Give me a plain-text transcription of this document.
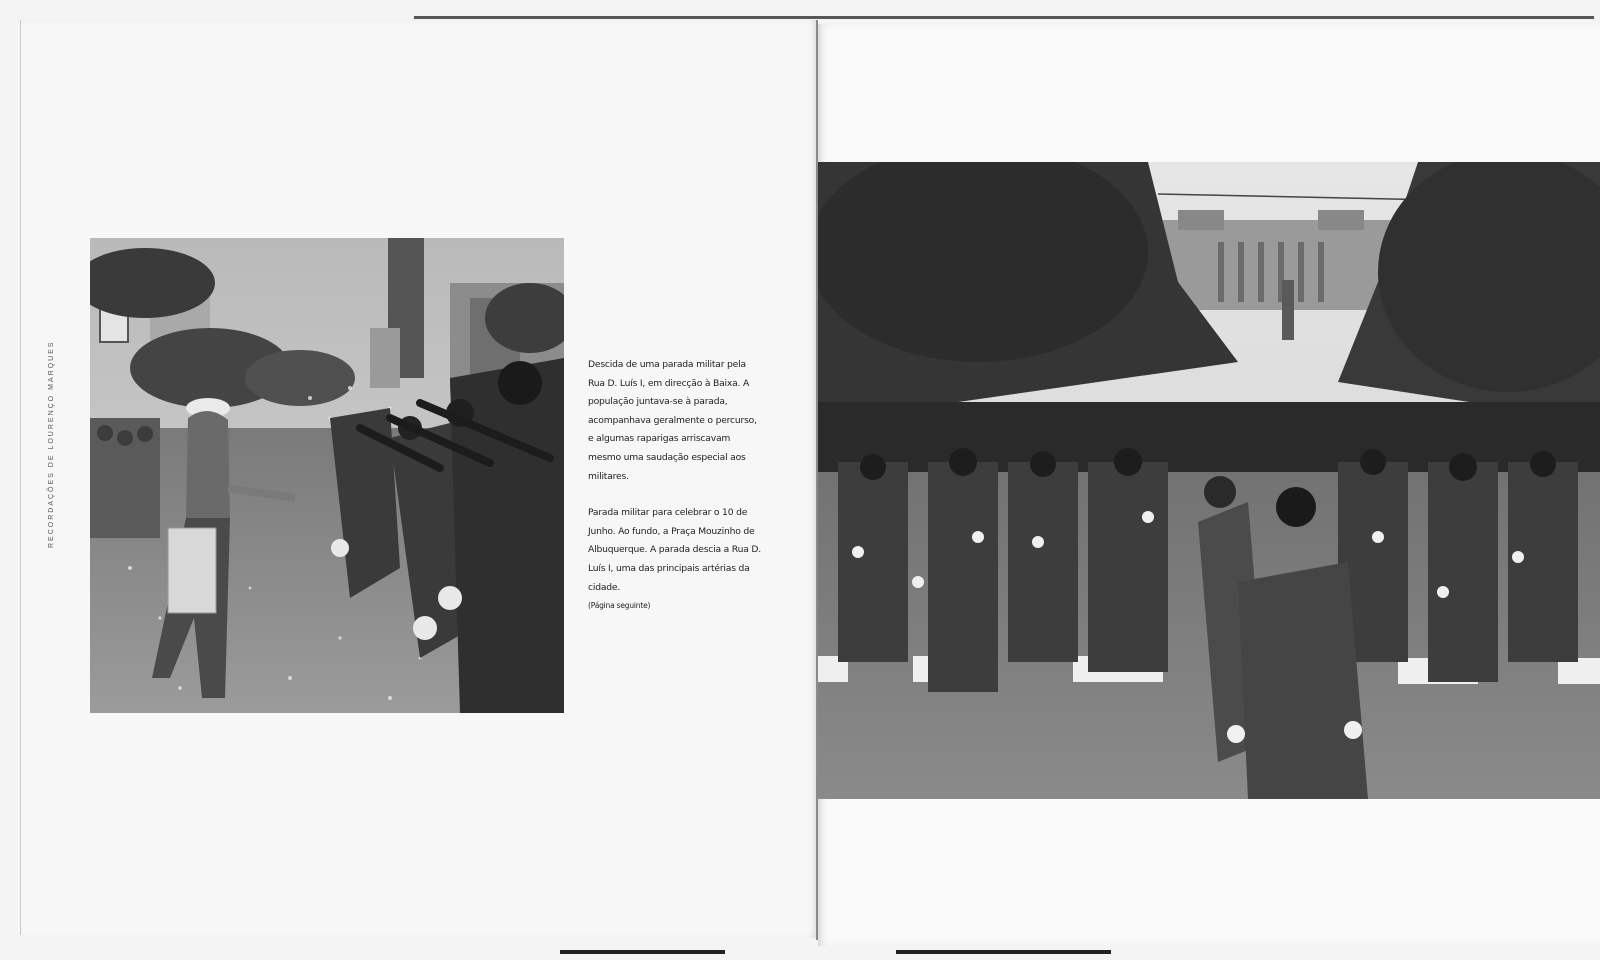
RECORDAÇÕES DE LOURENÇO MARQUES	Descida de uma parada militar pela Rua D. Luís I, em direcção à Baixa. A população juntava-se à parada, acompanhava geralmente o percurso, e algumas raparigas arriscavam mesmo uma saudação especial aos militares.

Parada militar para celebrar o 10 de Junho. Ao fundo, a Praça Mouzinho de Albuquerque. A parada descia a Rua D. Luís I, uma das principais artérias da cidade.

(Página seguinte)
